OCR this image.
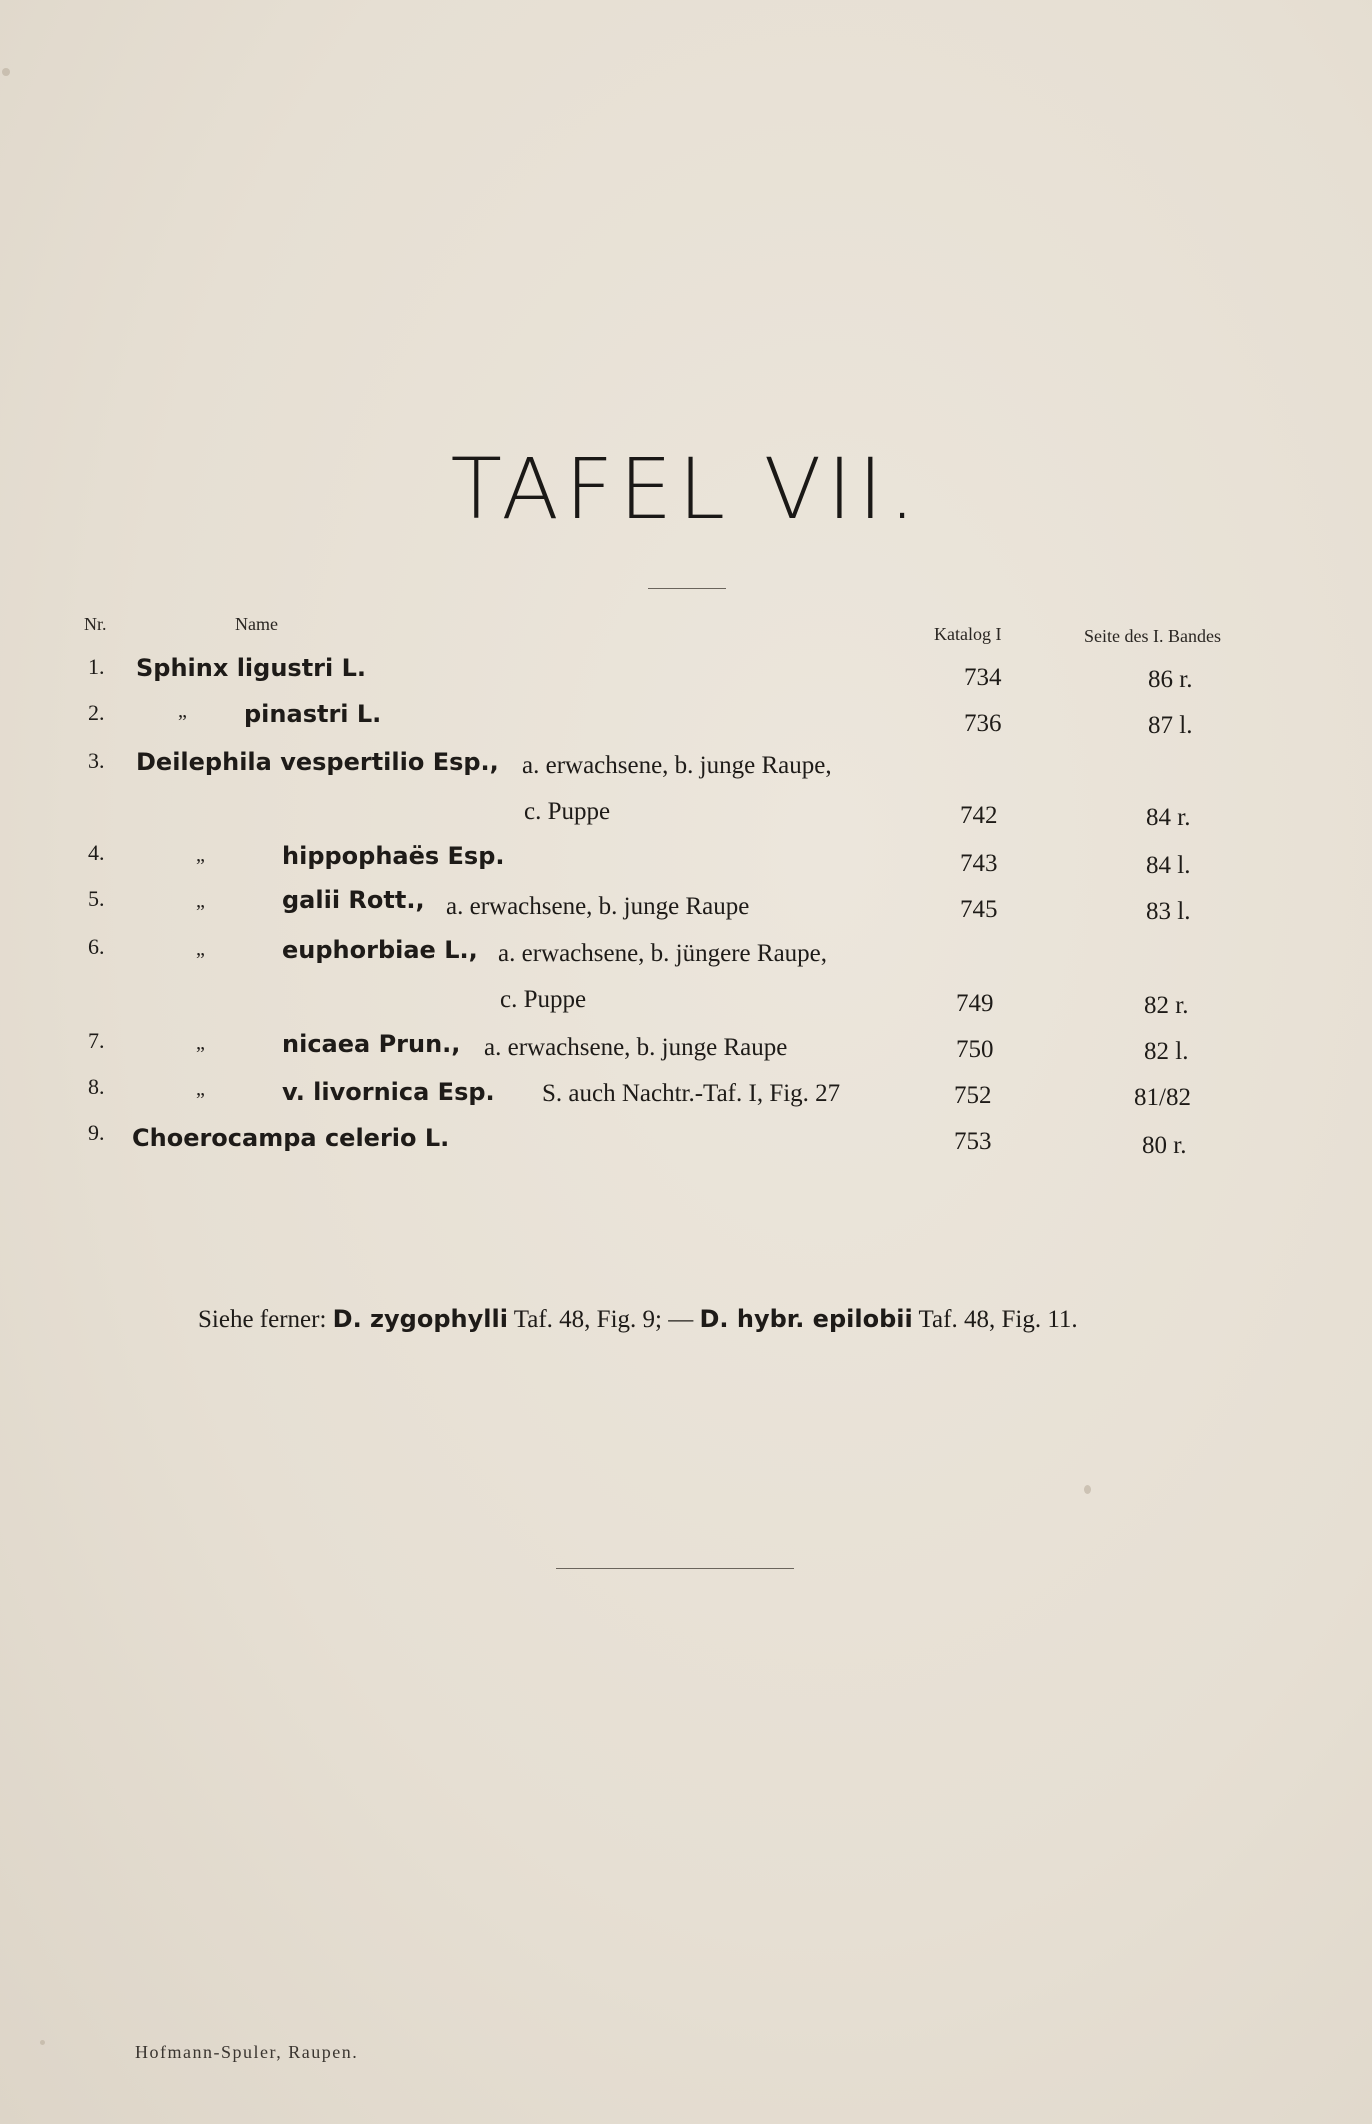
TAFEL VII.
Nr.	Name	Katalog I	Seite des I. Bandes
1. Sphinx ligustri L.	734	86 r.
2.	„ pinastri L.	736	87 l.
3. Deilephila vespertilio Esp., a. erwachsene, b. junge Raupe,
c. Puppe	742	84 r.
4.	„	hippophaës Esp.	743	84 l.
5.	„	galii Rott., a. erwachsene, b. junge Raupe	745	83 l.
6.	„	euphorbiae L., a. erwachsene, b. jüngere Raupe,
c. Puppe	749	82 r.
7.	„	nicaea Prun., a. erwachsene, b. junge Raupe	750	82 l.
8.	„	v. livornica Esp. S. auch Nachtr.-Taf. I, Fig. 27	752	81/82
9. Choerocampa celerio L.	753	80 r.
Siehe ferner: D. zygophylli Taf. 48, Fig. 9; — D. hybr. epilobii Taf. 48, Fig. 11.
Hofmann-Spuler, Raupen.
